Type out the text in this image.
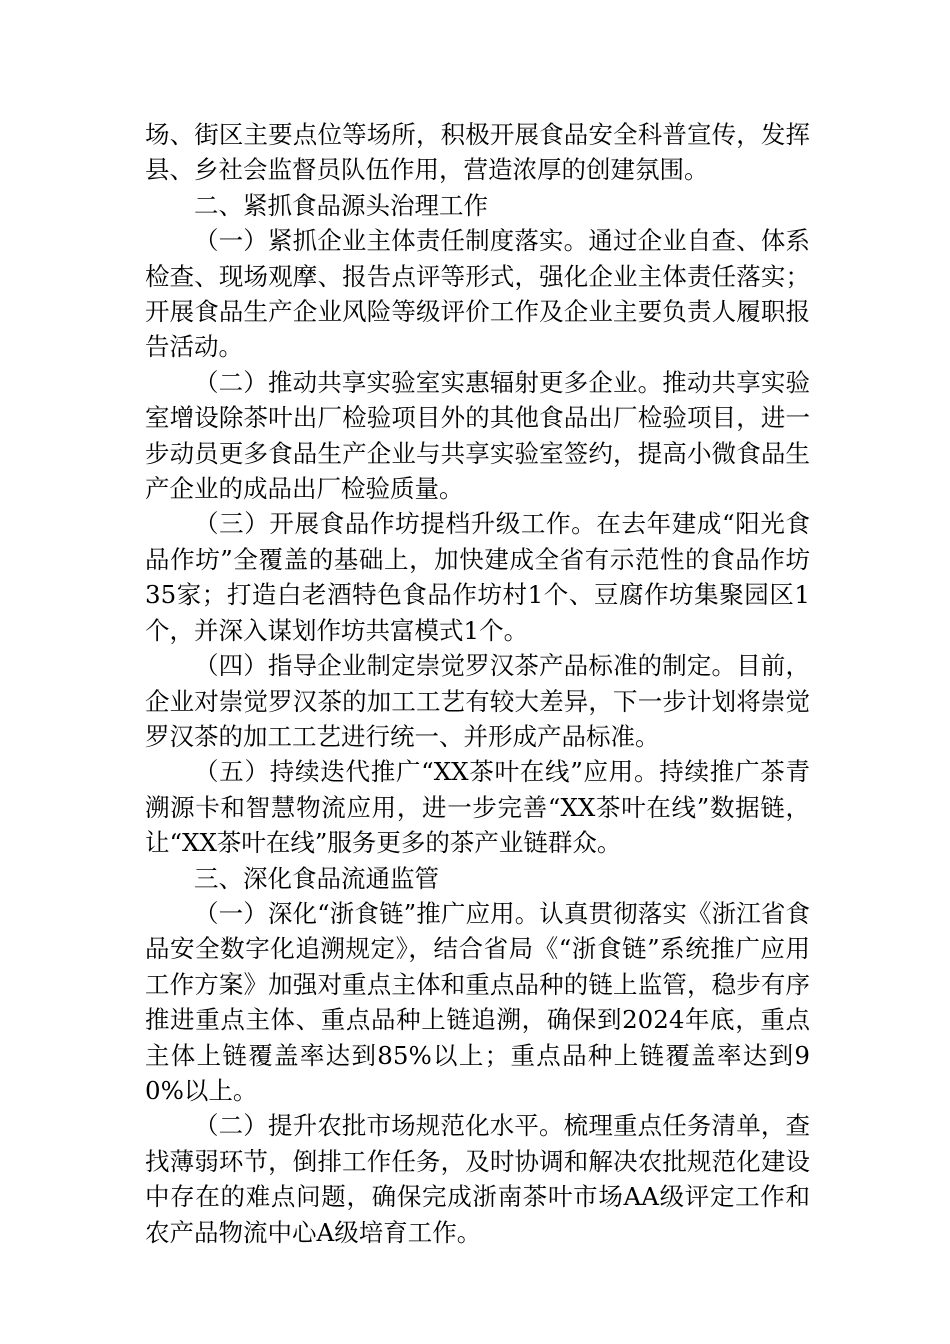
场、街区主要点位等场所，积极开展食品安全科普宣传，发挥县、乡社会监督员队伍作用，营造浓厚的创建氛围。

二、紧抓食品源头治理工作

（一）紧抓企业主体责任制度落实。通过企业自查、体系检查、现场观摩、报告点评等形式，强化企业主体责任落实；开展食品生产企业风险等级评价工作及企业主要负责人履职报告活动。

（二）推动共享实验室实惠辐射更多企业。推动共享实验室增设除茶叶出厂检验项目外的其他食品出厂检验项目，进一步动员更多食品生产企业与共享实验室签约，提高小微食品生产企业的成品出厂检验质量。

（三）开展食品作坊提档升级工作。在去年建成“阳光食品作坊”全覆盖的基础上，加快建成全省有示范性的食品作坊35家；打造白老酒特色食品作坊村1个、豆腐作坊集聚园区1个，并深入谋划作坊共富模式1个。

（四）指导企业制定崇觉罗汉茶产品标准的制定。目前，企业对崇觉罗汉茶的加工工艺有较大差异，下一步计划将崇觉罗汉茶的加工工艺进行统一、并形成产品标准。

（五）持续迭代推广“XX茶叶在线”应用。持续推广茶青溯源卡和智慧物流应用，进一步完善“XX茶叶在线”数据链，让“XX茶叶在线”服务更多的茶产业链群众。

三、深化食品流通监管

（一）深化“浙食链”推广应用。认真贯彻落实《浙江省食品安全数字化追溯规定》，结合省局《“浙食链”系统推广应用工作方案》加强对重点主体和重点品种的链上监管，稳步有序推进重点主体、重点品种上链追溯，确保到2024年底，重点主体上链覆盖率达到85%以上；重点品种上链覆盖率达到90%以上。

（二）提升农批市场规范化水平。梳理重点任务清单，查找薄弱环节，倒排工作任务，及时协调和解决农批规范化建设中存在的难点问题，确保完成浙南茶叶市场AA级评定工作和农产品物流中心A级培育工作。
